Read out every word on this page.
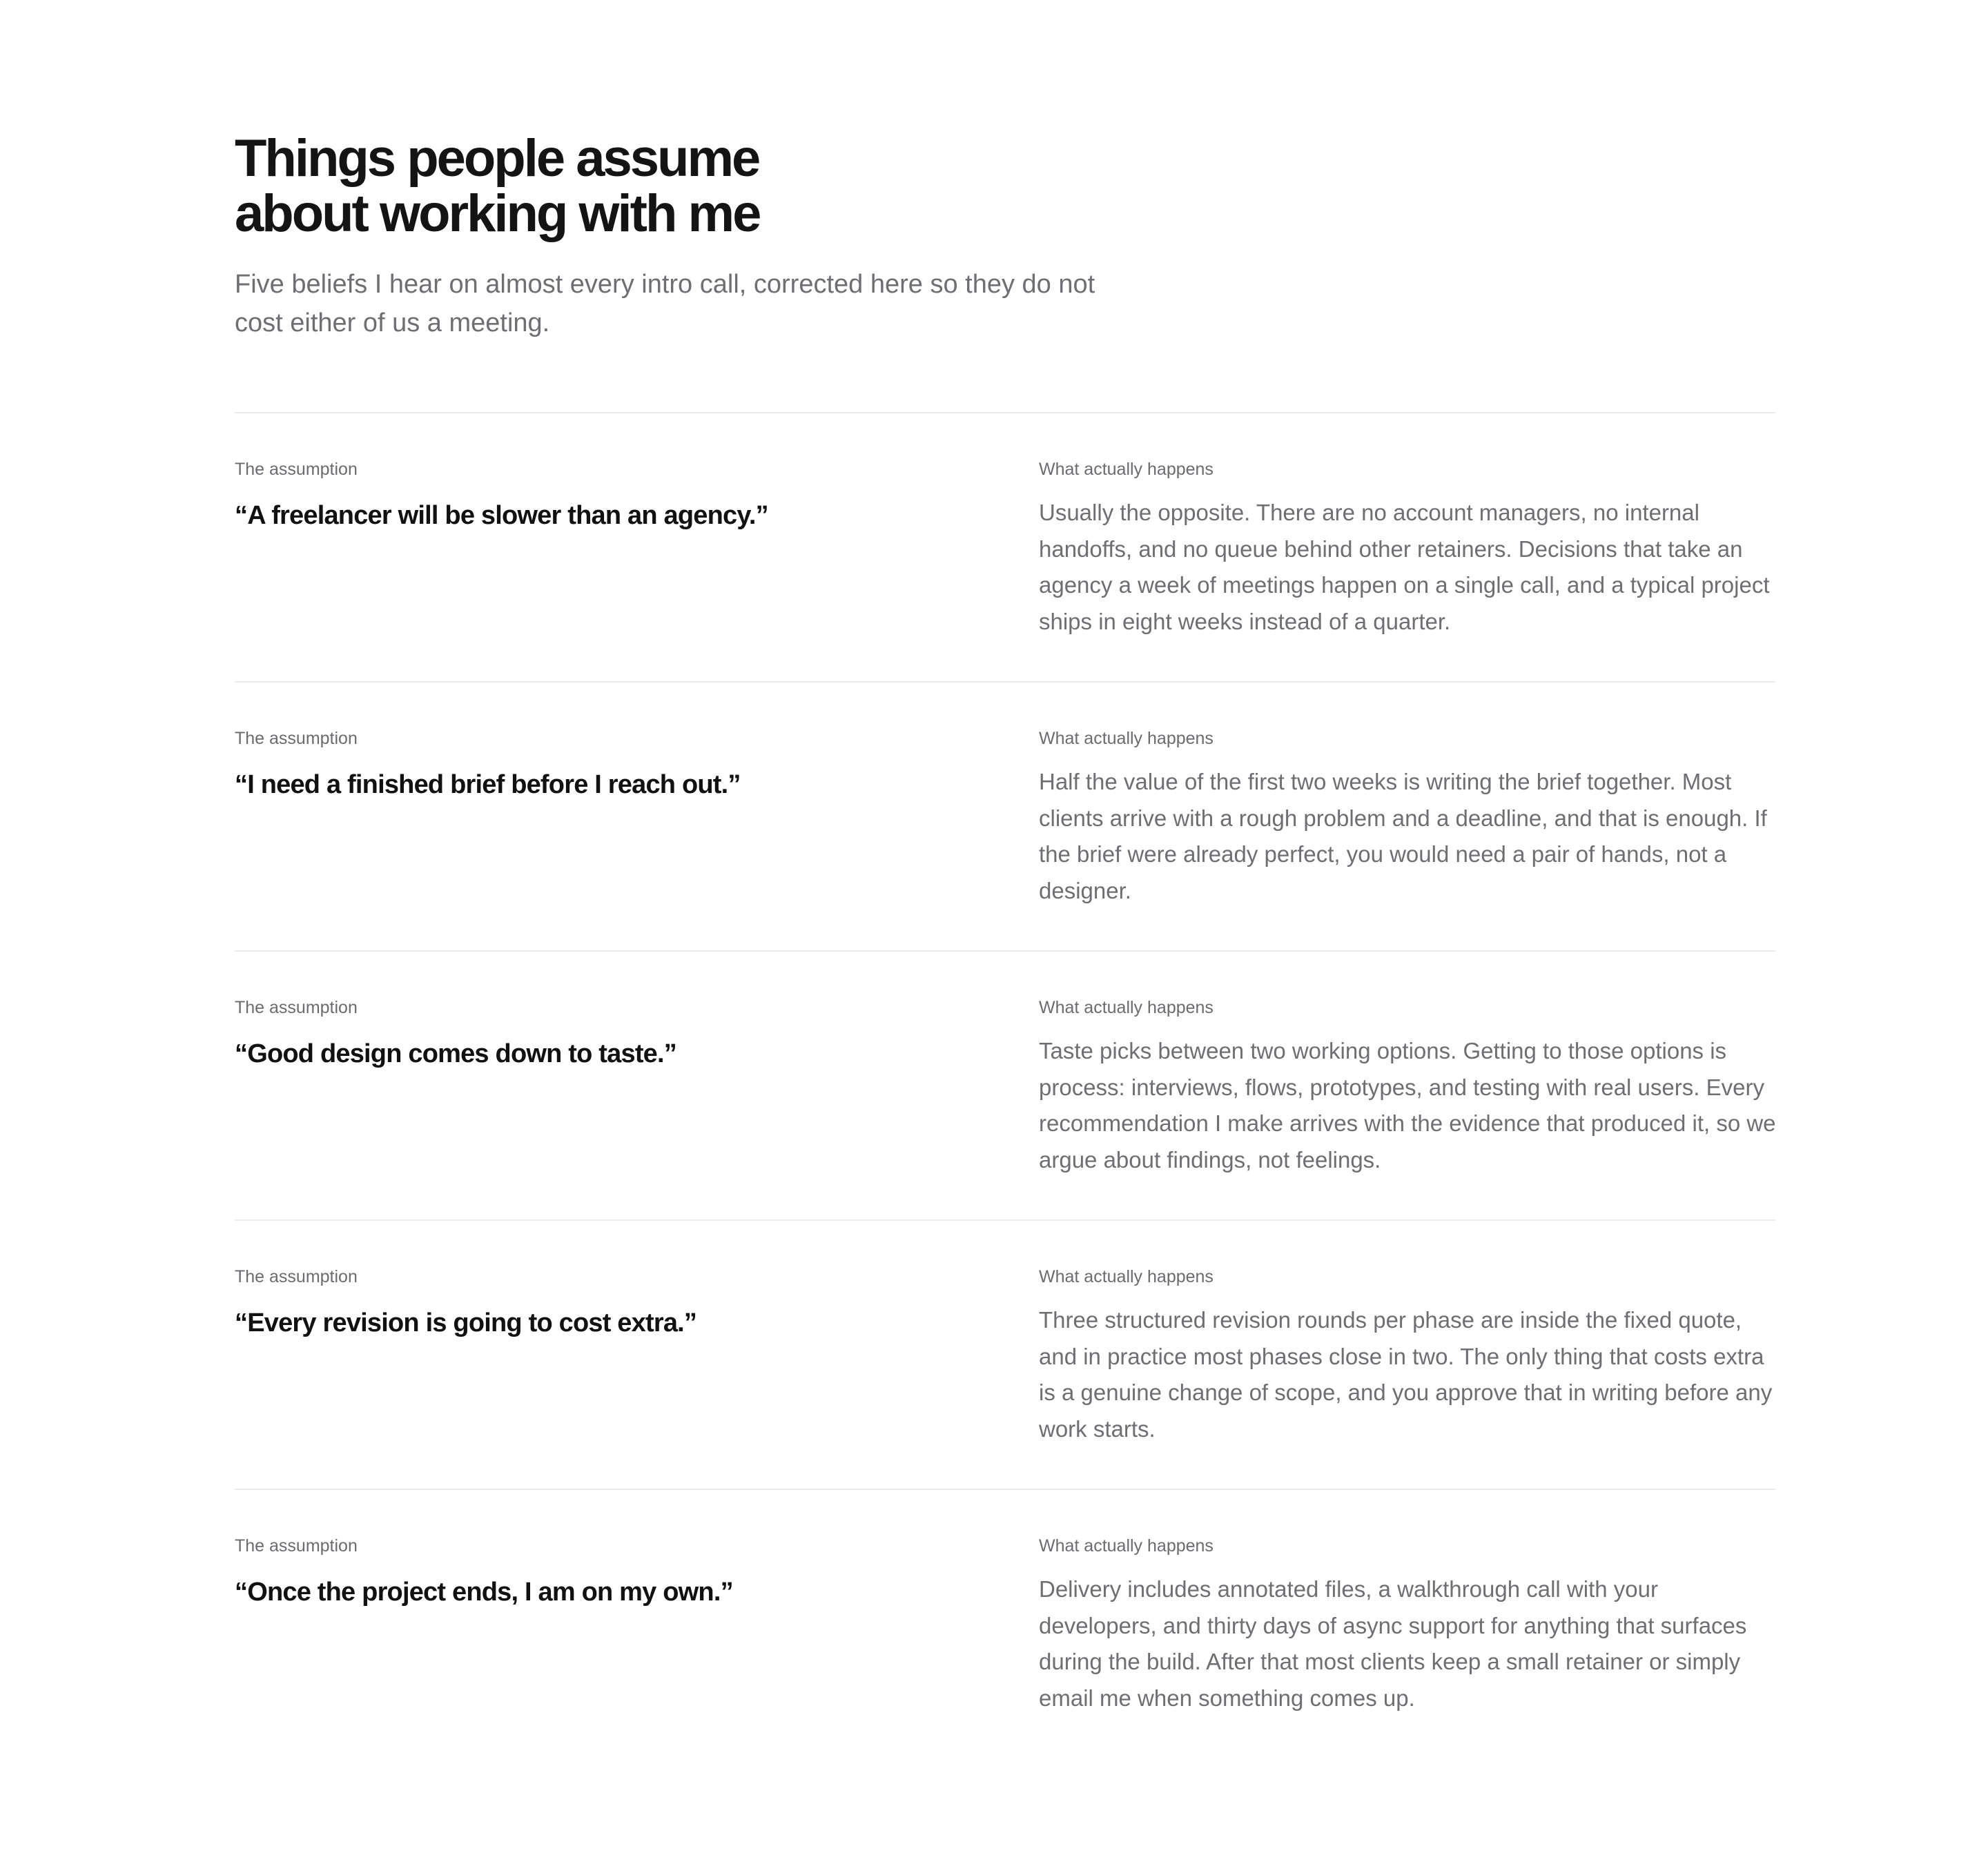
Things people assume
about working with me

Five beliefs I hear on almost every intro call, corrected here so they do not cost either of us a meeting.

The assumption
“A freelancer will be slower than an agency.”
What actually happens
Usually the opposite. There are no account managers, no internal handoffs, and no queue behind other retainers. Decisions that take an agency a week of meetings happen on a single call, and a typical project ships in eight weeks instead of a quarter.
The assumption
“I need a finished brief before I reach out.”
What actually happens
Half the value of the first two weeks is writing the brief together. Most clients arrive with a rough problem and a deadline, and that is enough. If the brief were already perfect, you would need a pair of hands, not a designer.
The assumption
“Good design comes down to taste.”
What actually happens
Taste picks between two working options. Getting to those options is process: interviews, flows, prototypes, and testing with real users. Every recommendation I make arrives with the evidence that produced it, so we argue about findings, not feelings.
The assumption
“Every revision is going to cost extra.”
What actually happens
Three structured revision rounds per phase are inside the fixed quote, and in practice most phases close in two. The only thing that costs extra is a genuine change of scope, and you approve that in writing before any work starts.
The assumption
“Once the project ends, I am on my own.”
What actually happens
Delivery includes annotated files, a walkthrough call with your developers, and thirty days of async support for anything that surfaces during the build. After that most clients keep a small retainer or simply email me when something comes up.
